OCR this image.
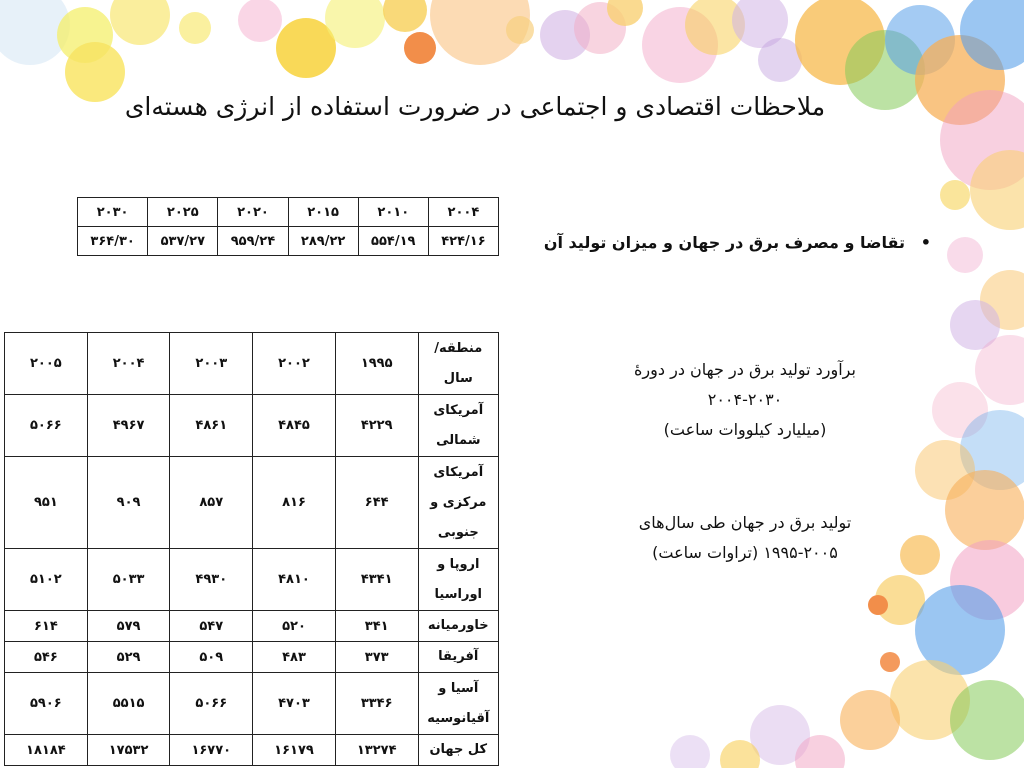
ملاحظات اقتصادی و اجتماعی در ضرورت استفاده از انرژی هسته‌ای
•
تقاضا و مصرف برق در جهان و میزان تولید آن
برآورد تولید برق در جهان در دورۀ
۲۰۰۴-۲۰۳۰
(میلیارد کیلووات ساعت)
تولید برق در جهان طی سال‌های
۱۹۹۵-۲۰۰۵ (تراوات ساعت)
۲۰۰۴	۲۰۱۰	۲۰۱۵	۲۰۲۰	۲۰۲۵	۲۰۳۰
۴۲۴/۱۶	۵۵۴/۱۹	۲۸۹/۲۲	۹۵۹/۲۴	۵۳۷/۲۷	۳۶۴/۳۰
منطقه/ سال	۱۹۹۵	۲۰۰۲	۲۰۰۳	۲۰۰۴	۲۰۰۵
آمریکای شمالی	۴۲۲۹	۴۸۴۵	۴۸۶۱	۴۹۶۷	۵۰۶۶
آمریکای مرکزی و جنوبی	۶۴۴	۸۱۶	۸۵۷	۹۰۹	۹۵۱
اروپا و اوراسیا	۴۳۴۱	۴۸۱۰	۴۹۳۰	۵۰۳۳	۵۱۰۲
خاورمیانه	۳۴۱	۵۲۰	۵۴۷	۵۷۹	۶۱۴
آفریقا	۳۷۳	۴۸۳	۵۰۹	۵۲۹	۵۴۶
آسیا و آقیانوسیه	۳۳۴۶	۴۷۰۳	۵۰۶۶	۵۵۱۵	۵۹۰۶
کل جهان	۱۳۲۷۴	۱۶۱۷۹	۱۶۷۷۰	۱۷۵۳۲	۱۸۱۸۴
